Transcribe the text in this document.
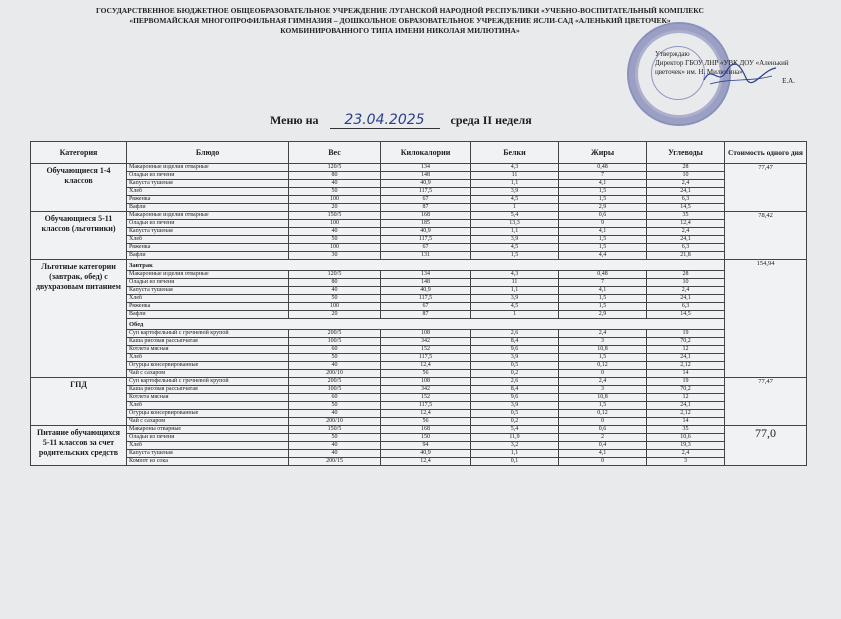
ГОСУДАРСТВЕННОЕ БЮДЖЕТНОЕ ОБЩЕОБРАЗОВАТЕЛЬНОЕ УЧРЕЖДЕНИЕ ЛУГАНСКОЙ НАРОДНОЙ РЕСПУБЛИКИ «УЧЕБНО-ВОСПИТАТЕЛЬНЫЙ КОМПЛЕКС
«ПЕРВОМАЙСКАЯ МНОГОПРОФИЛЬНАЯ ГИМНАЗИЯ – ДОШКОЛЬНОЕ ОБРАЗОВАТЕЛЬНОЕ УЧРЕЖДЕНИЕ ЯСЛИ-САД «АЛЕНЬКИЙ ЦВЕТОЧЕК»
КОМБИНИРОВАННОГО ТИПА ИМЕНИ НИКОЛАЯ МИЛЮТИНА»
Утверждаю
Директор ГБОУ ЛНР «УВК ДОУ «Аленький
цветочек» им. Н. Милютина»
Е.А.
Меню на 23.04.2025 среда II неделя
Категория	Блюдо	Вес	Килокалории	Белки	Жиры	Углеводы	Стоимость одного дня
Обучающиеся 1-4 классов	Макаронные изделия отварные	120/5	134	4,3	0,48	28	77,47
	Оладьи из печени	80	148	11	7	10	
	Капуста тушеная	40	40,9	1,1	4,1	2,4	
	Хлеб	50	117,5	3,9	1,5	24,1	
	Ряженка	100	67	4,5	1,5	6,3	
	Вафли	20	87	1	2,9	14,5	
Обучающиеся 5-11 классов (льготники)	Макаронные изделия отварные	150/5	168	5,4	0,6	35	78,42
	Оладьи из печени	100	185	13,3	9	12,4	
	Капуста тушеная	40	40,9	1,1	4,1	2,4	
	Хлеб	50	117,5	3,9	1,5	24,1	
	Ряженка	100	67	4,5	1,5	6,3	
	Вафли	30	131	1,5	4,4	21,8	
Льготные категории (завтрак, обед) с двухразовым питанием	Завтрак						154,94
	Макаронные изделия отварные	120/5	134	4,3	0,48	28	
	Оладьи из печени	80	148	11	7	10	
	Капуста тушеная	40	40,9	1,1	4,1	2,4	
	Хлеб	50	117,5	3,9	1,5	24,1	
	Ряженка	100	67	4,5	1,5	6,3	
	Вафли	20	87	1	2,9	14,5	
	Обед						
	Суп картофельный с гречневой крупой	200/5	108	2,6	2,4	19	
	Каша рисовая рассыпчатая	100/5	342	8,4	3	70,2	
	Котлета мясная	60	152	9,6	10,8	12	
	Хлеб	50	117,5	3,9	1,5	24,1	
	Огурцы консервированные	40	12,4	0,5	0,12	2,12	
	Чай с сахаром	200/10	56	0,2	0	14	
ГПД	Суп картофельный с гречневой крупой	200/5	108	2,6	2,4	19	77,47
	Каша рисовая рассыпчатая	100/5	342	8,4	3	70,2	
	Котлета мясная	60	152	9,6	10,8	12	
	Хлеб	50	117,5	3,9	1,5	24,1	
	Огурцы консервированные	40	12,4	0,5	0,12	2,12	
	Чай с сахаром	200/10	56	0,2	0	14	
Питание обучающихся 5-11 классов за счет родительских средств	Макароны отварные	150/5	168	5,4	0,6	35	77,0
	Оладьи из печени	50	150	11,9	2	10,6	
	Хлеб	40	94	3,2	0,4	19,3	
	Капуста тушеная	40	40,9	1,1	4,1	2,4	
	Компот из сока	200/15	12,4	0,1	0	3	
